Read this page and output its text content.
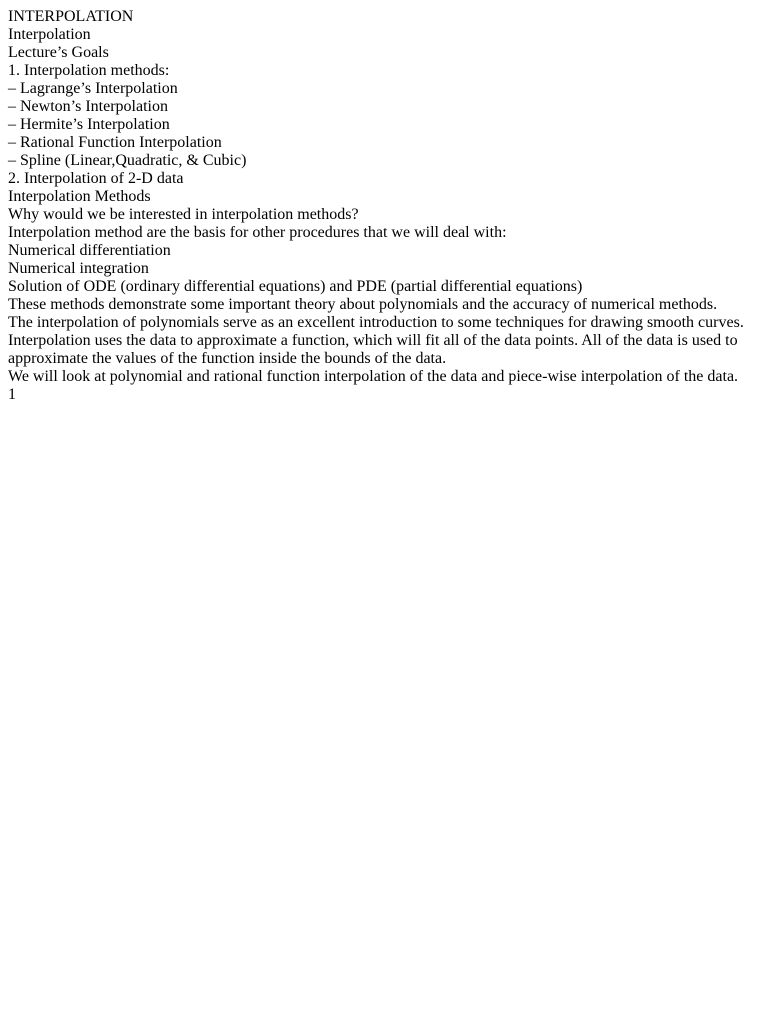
INTERPOLATION
Interpolation
Lecture’s Goals
1. Interpolation methods:
– Lagrange’s Interpolation
– Newton’s Interpolation
– Hermite’s Interpolation
– Rational Function Interpolation
– Spline (Linear,Quadratic, & Cubic)
2. Interpolation of 2-D data
Interpolation Methods
Why would we be interested in interpolation methods?
Interpolation method are the basis for other procedures that we will deal with:
Numerical differentiation
Numerical integration
Solution of ODE (ordinary differential equations) and PDE (partial differential equations)
These methods demonstrate some important theory about polynomials and the accuracy of numerical methods.
The interpolation of polynomials serve as an excellent introduction to some techniques for drawing smooth curves.
Interpolation uses the data to approximate a function, which will fit all of the data points. All of the data is used to approximate the values of the function inside the bounds of the data.
We will look at polynomial and rational function interpolation of the data and piece-wise interpolation of the data.
1
